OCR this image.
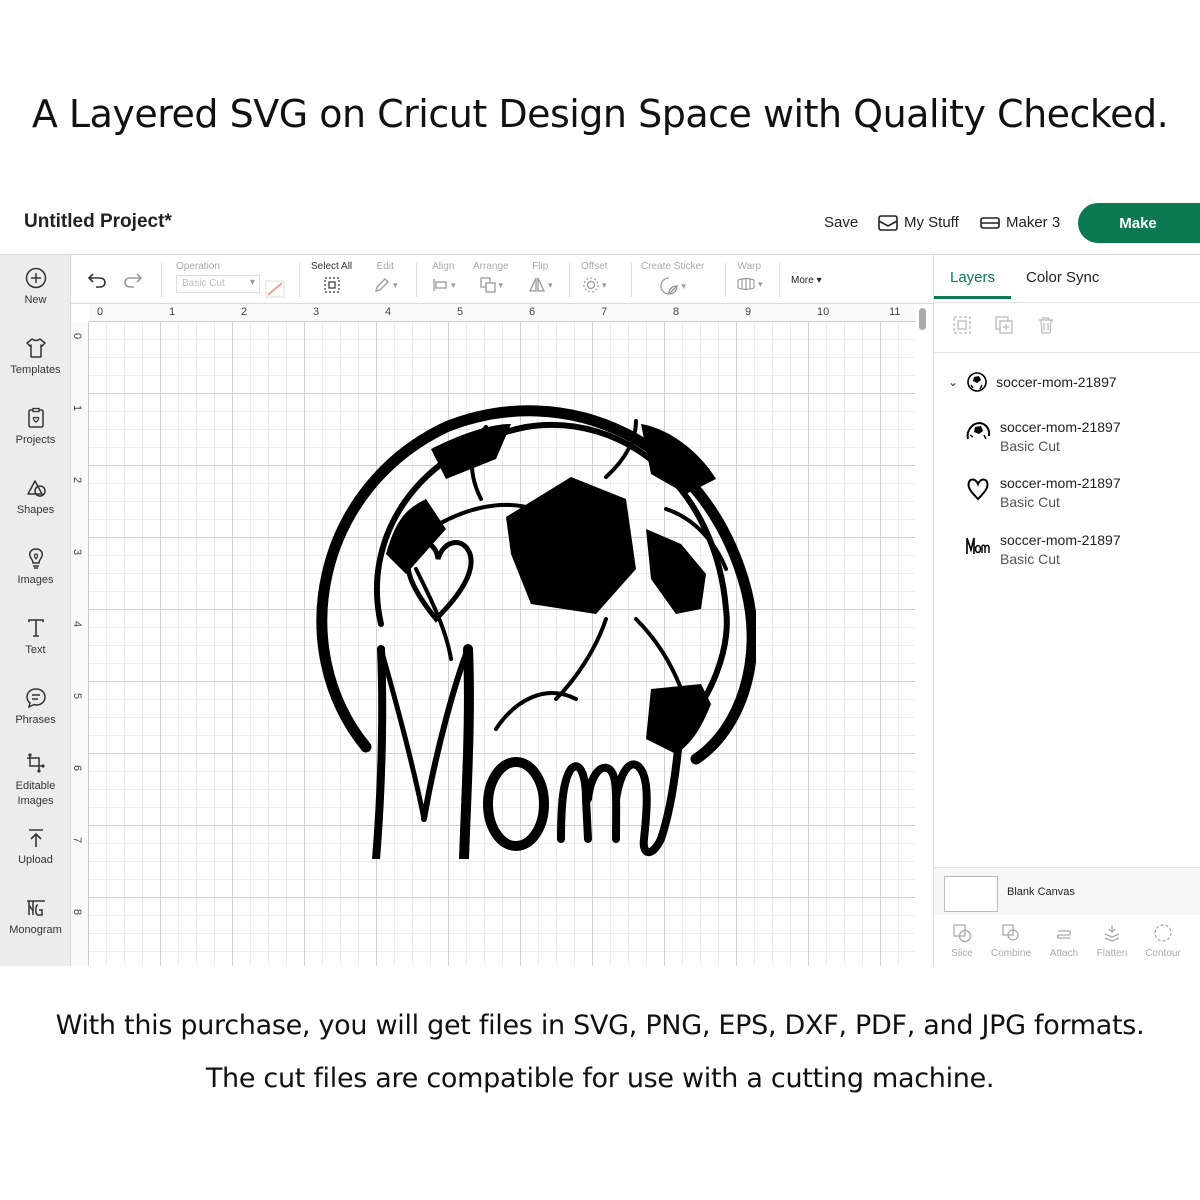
A Layered SVG on Cricut Design Space with Quality Checked.
Untitled Project*	Save	My Stuff	Maker 3	Make
New
Templates
Projects
Shapes
Images
Text
Phrases
Editable Images
Upload
Monogram
Operation
Basic Cut ▾
Select All	Edit
▾
Align
▾
Arrange
▾
Flip
▾
Offset
▾
Create Sticker
▾
Warp
▾	More ▾
0	1	2	3	4	5	6	7	8	9	10	11
0
1
2
3
4
5
6
7
8
Layers	Color Sync
⌄	soccer-mom-21897
soccer-mom-21897
Basic Cut
soccer-mom-21897
Basic Cut
soccer-mom-21897
Basic Cut
Blank Canvas
Slice	Combine	Attach	Flatten	Contour
With this purchase, you will get files in SVG, PNG, EPS, DXF, PDF, and JPG formats.
The cut files are compatible for use with a cutting machine.
